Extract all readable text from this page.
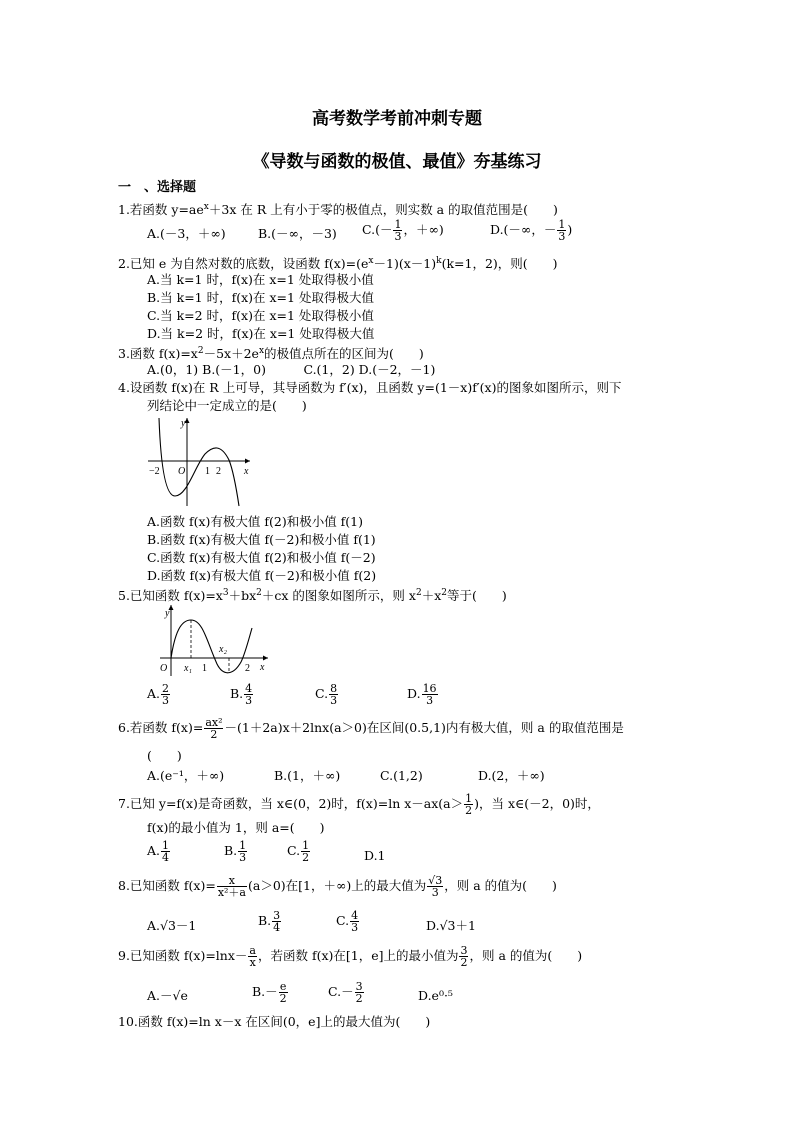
高考数学考前冲刺专题
《导数与函数的极值、最值》夯基练习
一　、选择题
1.若函数 $y=ae^x+3x$ 在 R 上有小于零的极值点，则实数 a 的取值范围是(　　)
A.(－3，＋∞)	B.(－∞，－3) $C.(- \frac{1}{3}$ ，＋∞)	D.(－∞，－ $\frac{1}{3}$ )
2.已知 e 为自然对数的底数，设函数 $f(x)=(e^x-1)(x-1)^k(k=1$，2)，则(　　)
A.当 k=1 时，f(x)在 x=1 处取得极小值
B.当 k=1 时，f(x)在 x=1 处取得极大值
C.当 k=2 时，f(x)在 x=1 处取得极小值
D.当 k=2 时，f(x)在 x=1 处取得极大值
3.函数 $f(x)=x^2-5x+2e^x$的极值点所在的区间为(　　)
A.(0，1) B.(－1，0)　　　C.(1，2) D.(－2，－1)
4.设函数 f(x)在 R 上可导，其导函数为 f′(x)，且函数 y=(1－x)f′(x)的图象如图所示，则下
列结论中一定成立的是(　　)
y
x
O
−2	1 2
A.函数 f(x)有极大值 f(2)和极小值 f(1)
B.函数 f(x)有极大值 f(－2)和极小值 f(1)
C.函数 f(x)有极大值 f(2)和极小值 f(－2)
D.函数 f(x)有极大值 f(－2)和极小值 f(2)
5.已知函数 $f(x)=x^3+bx^2+cx$ 的图象如图所示，则 $x^2+x^2$等于(　　)
y
x
O x₁
x₂
1	2
A. $\frac{2}{3}$	B. $\frac{4}{3}$	C. $\frac{8}{3}$	D. $\frac{16}{3}$
6.若函数 $f(x)= \frac{\text{ax²}}{2} -(1+2a)x+2\ln x(a>0)$在区间(0.5,1)内有极大值，则 a 的取值范围是
(　　)
A.(e⁻¹，＋∞)	B.(1，＋∞)	C.(1,2)	D.(2，＋∞)
7.已知 y=f(x)是奇函数，当 x∈(0，2)时，f(x)=ln $x-ax(a> \frac{1}{2}$ )，当 x∈(－2，0)时，
f(x)的最小值为 1，则 a=(　　)
A. $\frac{1}{4}$	B. $\frac{1}{3}$	C. $\frac{1}{2}$	D.1
8.已知函数 $f(x)= \frac{x}{\text{x²＋a}} (a>0)$在[1，＋∞)上的最大值为 $\frac{√3}{3}$ ，则 a 的值为(　　)
A.√3－1	B. $\frac{3}{4}$	C. $\frac{4}{3}$	D.√3＋1
9.已知函数 $f(x)=\ln x- \frac{a}{x}$ ，若函数 f(x)在[1，e]上的最小值为 $\frac{3}{2}$ ，则 a 的值为(　　)
A.－√e	$B.- \frac{e}{2}$	$C.- \frac{3}{2}$	D.e⁰·⁵
10.函数 f(x)=ln x－x 在区间(0，e]上的最大值为(　　)
